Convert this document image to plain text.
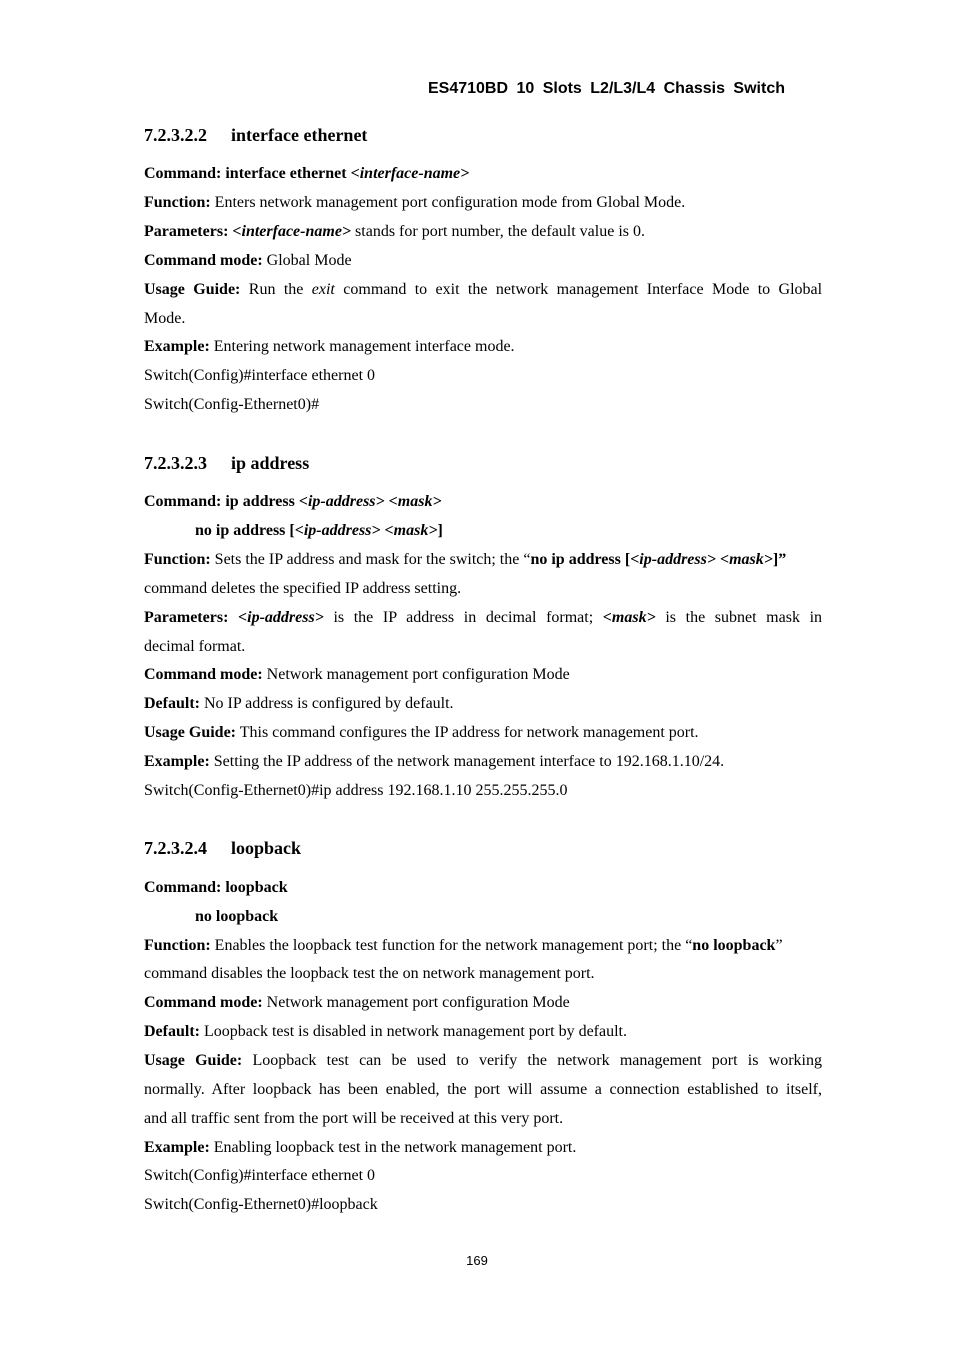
ES4710BD 10 Slots L2/L3/L4 Chassis Switch
7.2.3.2.2 interface ethernet
Command: interface ethernet <interface-name>
Function: Enters network management port configuration mode from Global Mode.
Parameters: <interface-name> stands for port number, the default value is 0.
Command mode: Global Mode
Usage Guide: Run the exit command to exit the network management Interface Mode to Global
Mode.
Example: Entering network management interface mode.
Switch(Config)#interface ethernet 0
Switch(Config-Ethernet0)#
7.2.3.2.3 ip address
Command: ip address <ip-address> <mask>
no ip address [<ip-address> <mask>]
Function: Sets the IP address and mask for the switch; the “no ip address [<ip-address> <mask>]”
command deletes the specified IP address setting.
Parameters: <ip-address> is the IP address in decimal format; <mask> is the subnet mask in
decimal format.
Command mode: Network management port configuration Mode
Default: No IP address is configured by default.
Usage Guide: This command configures the IP address for network management port.
Example: Setting the IP address of the network management interface to 192.168.1.10/24.
Switch(Config-Ethernet0)#ip address 192.168.1.10 255.255.255.0
7.2.3.2.4 loopback
Command: loopback
no loopback
Function: Enables the loopback test function for the network management port; the “no loopback”
command disables the loopback test the on network management port.
Command mode: Network management port configuration Mode
Default: Loopback test is disabled in network management port by default.
Usage Guide: Loopback test can be used to verify the network management port is working
normally. After loopback has been enabled, the port will assume a connection established to itself,
and all traffic sent from the port will be received at this very port.
Example: Enabling loopback test in the network management port.
Switch(Config)#interface ethernet 0
Switch(Config-Ethernet0)#loopback
169
